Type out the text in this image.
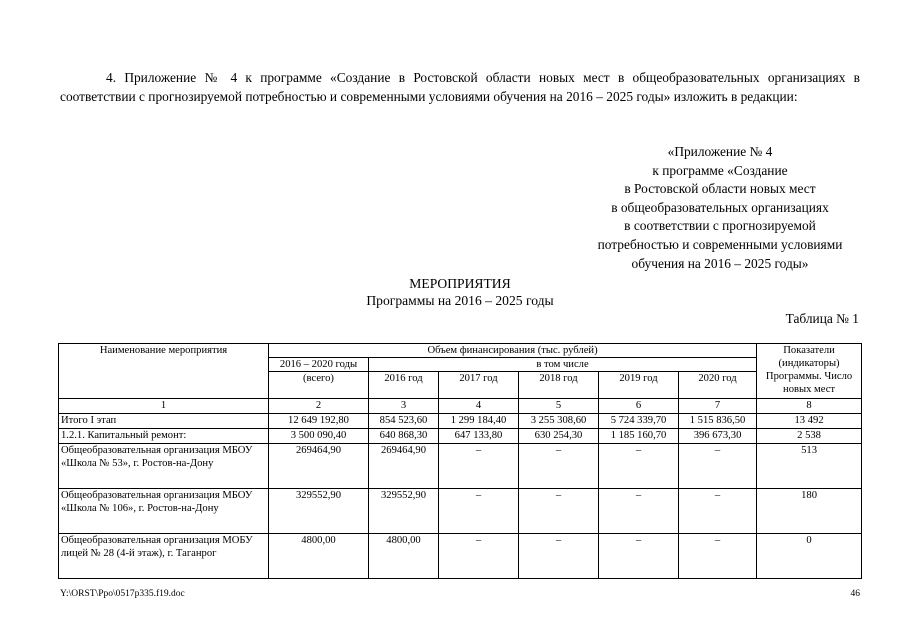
4. Приложение № 4 к программе «Создание в Ростовской области новых мест в общеобразовательных организациях в соответствии с прогнозируемой потребностью и современными условиями обучения на 2016 – 2025 годы» изложить в редакции:
«Приложение № 4
к программе «Создание
в Ростовской области новых мест
в общеобразовательных организациях
в соответствии с прогнозируемой
потребностью и современными условиями
обучения на 2016 – 2025 годы»
МЕРОПРИЯТИЯ
Программы на 2016 – 2025 годы
Таблица № 1
Наименование мероприятия	Объем финансирования (тыс. рублей)						Показатели (индикаторы) Программы. Число новых мест
	2016 – 2020 годы	в том числе					
	(всего)	2016 год	2017 год	2018 год	2019 год	2020 год	
1	2	3	4	5	6	7	8
Итого I этап	12 649 192,80	854 523,60	1 299 184,40	3 255 308,60	5 724 339,70	1 515 836,50	13 492
1.2.1. Капитальный ремонт:	3 500 090,40	640 868,30	647 133,80	630 254,30	1 185 160,70	396 673,30	2 538
Общеобразовательная организация МБОУ «Школа № 53», г. Ростов-на-Дону	269464,90	269464,90	–	–	–	–	513
Общеобразовательная организация МБОУ «Школа № 106», г. Ростов-на-Дону	329552,90	329552,90	–	–	–	–	180
Общеобразовательная организация МОБУ лицей № 28 (4-й этаж), г. Таганрог	4800,00	4800,00	–	–	–	–	0
Y:\ORST\Ppo\0517p335.f19.doc	46
